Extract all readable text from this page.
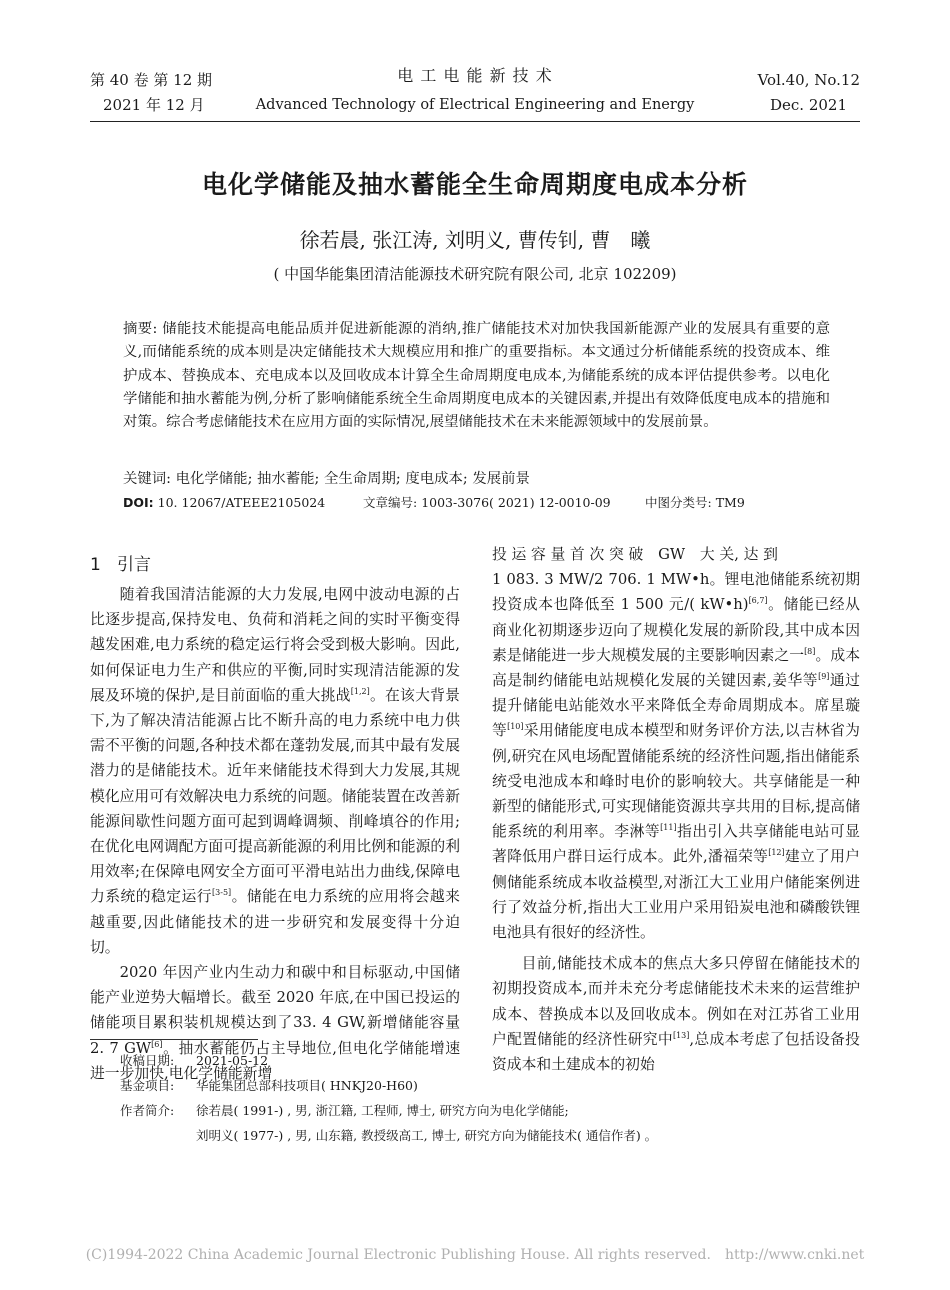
第 40 卷 第 12 期
2021 年 12 月
电 工 电 能 新 技 术
Advanced Technology of Electrical Engineering and Energy
Vol.40, No.12
Dec. 2021
电化学储能及抽水蓄能全生命周期度电成本分析
徐若晨, 张江涛, 刘明义, 曹传钊, 曹　曦
( 中国华能集团清洁能源技术研究院有限公司, 北京 102209)
摘要: 储能技术能提高电能品质并促进新能源的消纳,推广储能技术对加快我国新能源产业的发展具有重要的意义,而储能系统的成本则是决定储能技术大规模应用和推广的重要指标。本文通过分析储能系统的投资成本、维护成本、替换成本、充电成本以及回收成本计算全生命周期度电成本,为储能系统的成本评估提供参考。以电化学储能和抽水蓄能为例,分析了影响储能系统全生命周期度电成本的关键因素,并提出有效降低度电成本的措施和对策。综合考虑储能技术在应用方面的实际情况,展望储能技术在未来能源领域中的发展前景。
关键词: 电化学储能; 抽水蓄能; 全生命周期; 度电成本; 发展前景
DOI: 10. 12067/ATEEE2105024	文章编号: 1003-3076( 2021) 12-0010-09	中图分类号: TM9
1 引言

随着我国清洁能源的大力发展,电网中波动电源的占比逐步提高,保持发电、负荷和消耗之间的实时平衡变得越发困难,电力系统的稳定运行将会受到极大影响。因此,如何保证电力生产和供应的平衡,同时实现清洁能源的发展及环境的保护,是目前面临的重大挑战[1,2]。在该大背景下,为了解决清洁能源占比不断升高的电力系统中电力供需不平衡的问题,各种技术都在蓬勃发展,而其中最有发展潜力的是储能技术。近年来储能技术得到大力发展,其规模化应用可有效解决电力系统的问题。储能装置在改善新能源间歇性问题方面可起到调峰调频、削峰填谷的作用;在优化电网调配方面可提高新能源的利用比例和能源的利用效率;在保障电网安全方面可平滑电站出力曲线,保障电力系统的稳定运行[3-5]。储能在电力系统的应用将会越来越重要,因此储能技术的进一步研究和发展变得十分迫切。

2020 年因产业内生动力和碳中和目标驱动,中国储能产业逆势大幅增长。截至 2020 年底,在中国已投运的储能项目累积装机规模达到了33. 4 GW,新增储能容量 2. 7 GW[6]。抽水蓄能仍占主导地位,但电化学储能增速进一步加快,电化学储能新增

投 运 容 量 首 次 突 破　GW　大 关, 达 到

1 083. 3 MW/2 706. 1 MW•h。锂电池储能系统初期投资成本也降低至 1 500 元/( kW•h)[6,7]。储能已经从商业化初期逐步迈向了规模化发展的新阶段,其中成本因素是储能进一步大规模发展的主要影响因素之一[8]。成本高是制约储能电站规模化发展的关键因素,姜华等[9]通过提升储能电站能效水平来降低全寿命周期成本。席星璇等[10]采用储能度电成本模型和财务评价方法,以吉林省为例,研究在风电场配置储能系统的经济性问题,指出储能系统受电池成本和峰时电价的影响较大。共享储能是一种新型的储能形式,可实现储能资源共享共用的目标,提高储能系统的利用率。李淋等[11]指出引入共享储能电站可显著降低用户群日运行成本。此外,潘福荣等[12]建立了用户侧储能系统成本收益模型,对浙江大工业用户储能案例进行了效益分析,指出大工业用户采用铅炭电池和磷酸铁锂电池具有很好的经济性。

目前,储能技术成本的焦点大多只停留在储能技术的初期投资成本,而并未充分考虑储能技术未来的运营维护成本、替换成本以及回收成本。例如在对江苏省工业用户配置储能的经济性研究中[13],总成本考虑了包括设备投资成本和土建成本的初始

收稿日期: 2021-05-12
基金项目: 华能集团总部科技项目( HNKJ20-H60)
作者简介: 徐若晨( 1991-) , 男, 浙江籍, 工程师, 博士, 研究方向为电化学储能;
刘明义( 1977-) , 男, 山东籍, 教授级高工, 博士, 研究方向为储能技术( 通信作者) 。
(C)1994-2022 China Academic Journal Electronic Publishing House. All rights reserved.　http://www.cnki.net
